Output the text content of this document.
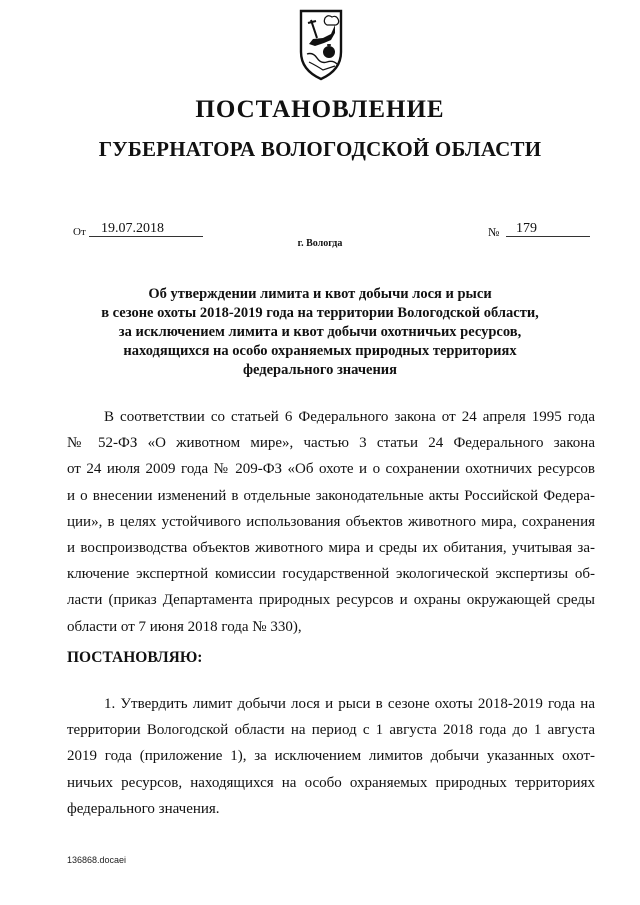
ПОСТАНОВЛЕНИЕ
ГУБЕРНАТОРА ВОЛОГОДСКОЙ ОБЛАСТИ
От	19.07.2018	№	179
г. Вологда
Об утверждении лимита и квот добычи лося и рыси
в сезоне охоты 2018-2019 года на территории Вологодской области,
за исключением лимита и квот добычи охотничьих ресурсов,
находящихся на особо охраняемых природных территориях
федерального значения
В соответствии со статьей 6 Федерального закона от 24 апреля 1995 года
№ 52-ФЗ «О животном мире», частью 3 статьи 24 Федерального закона
от 24 июля 2009 года № 209-ФЗ «Об охоте и о сохранении охотничих ресурсов
и о внесении изменений в отдельные законодательные акты Российской Федера-
ции», в целях устойчивого использования объектов животного мира, сохранения
и воспроизводства объектов животного мира и среды их обитания, учитывая за-
ключение экспертной комиссии государственной экологической экспертизы об-
ласти (приказ Департамента природных ресурсов и охраны окружающей среды
области от 7 июня 2018 года № 330),
ПОСТАНОВЛЯЮ:
1. Утвердить лимит добычи лося и рыси в сезоне охоты 2018-2019 года на
территории Вологодской области на период с 1 августа 2018 года до 1 августа
2019 года (приложение 1), за исключением лимитов добычи указанных охот-
ничьих ресурсов, находящихся на особо охраняемых природных территориях
федерального значения.
136868.docaei
